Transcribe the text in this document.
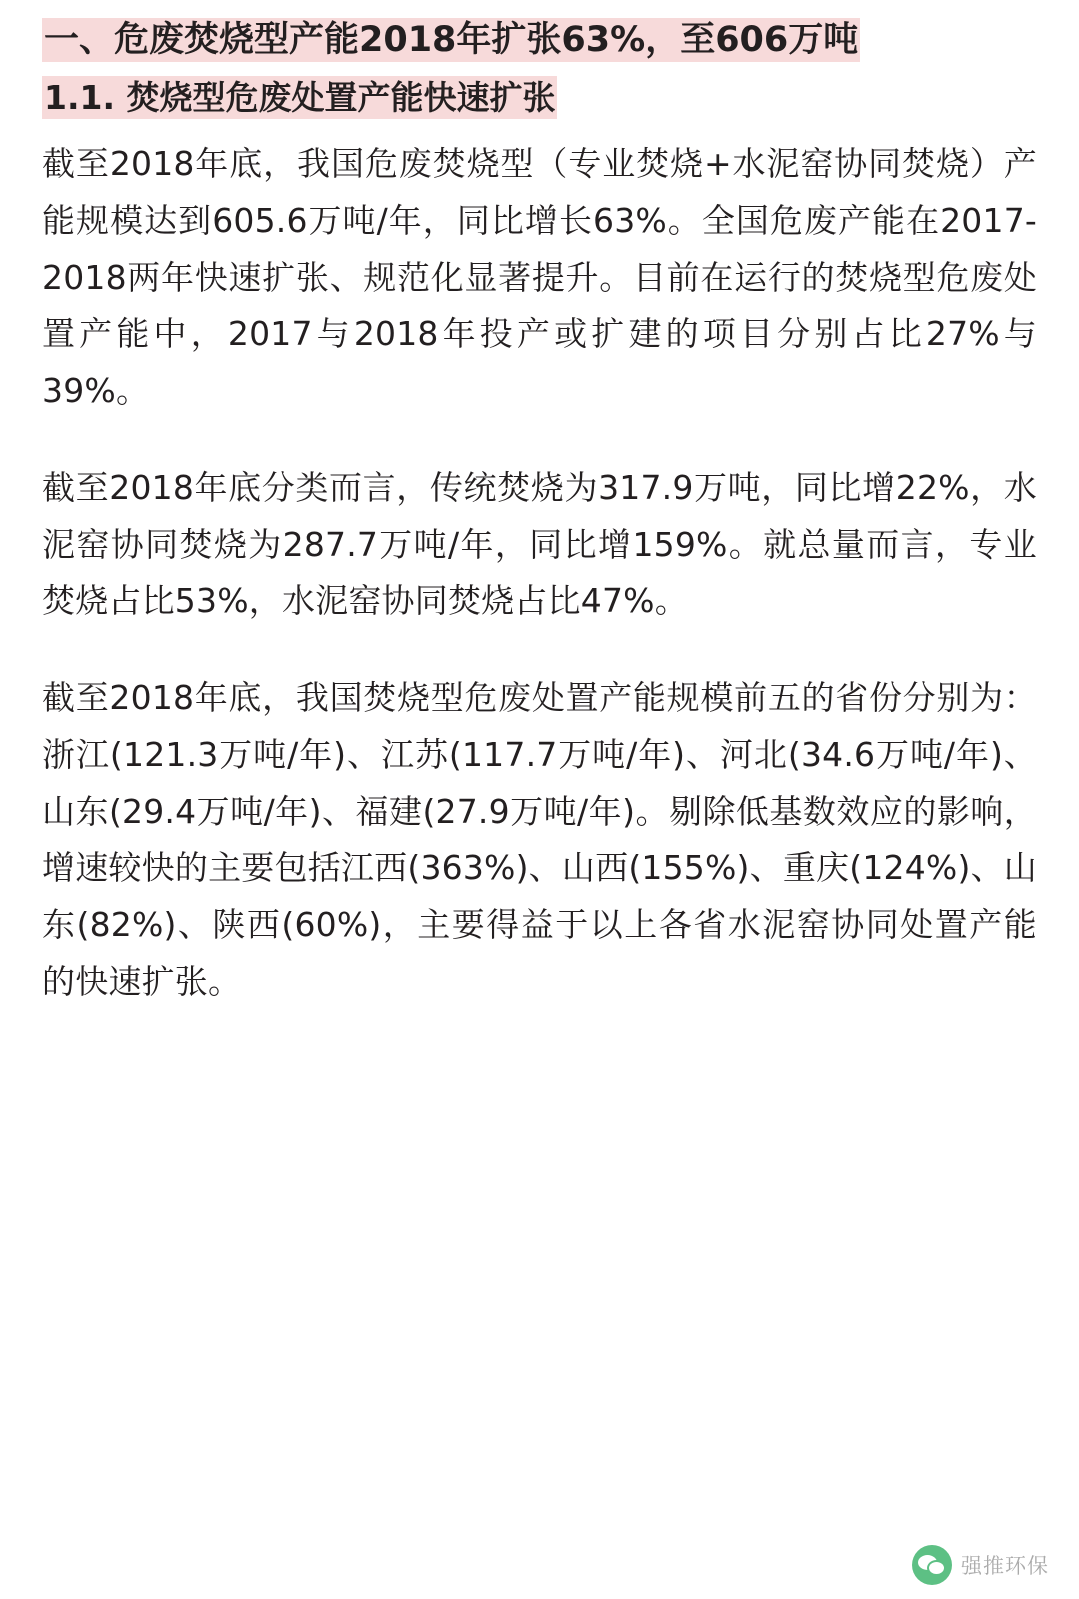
一、危废焚烧型产能2018年扩张63%，至606万吨
1.1. 焚烧型危废处置产能快速扩张

截至2018年底，我国危废焚烧型（专业焚烧+水泥窑协同焚烧）产能规模达到605.6万吨/年，同比增长63%。全国危废产能在2017-2018两年快速扩张、规范化显著提升。目前在运行的焚烧型危废处置产能中，2017与2018年投产或扩建的项目分别占比27%与39%。

截至2018年底分类而言，传统焚烧为317.9万吨，同比增22%，水泥窑协同焚烧为287.7万吨/年，同比增159%。就总量而言，专业焚烧占比53%，水泥窑协同焚烧占比47%。

截至2018年底，我国焚烧型危废处置产能规模前五的省份分别为：浙江(121.3万吨/年)、江苏(117.7万吨/年)、河北(34.6万吨/年)、山东(29.4万吨/年)、福建(27.9万吨/年)。剔除低基数效应的影响，增速较快的主要包括江西(363%)、山西(155%)、重庆(124%)、山东(82%)、陕西(60%)，主要得益于以上各省水泥窑协同处置产能的快速扩张。

强推环保
